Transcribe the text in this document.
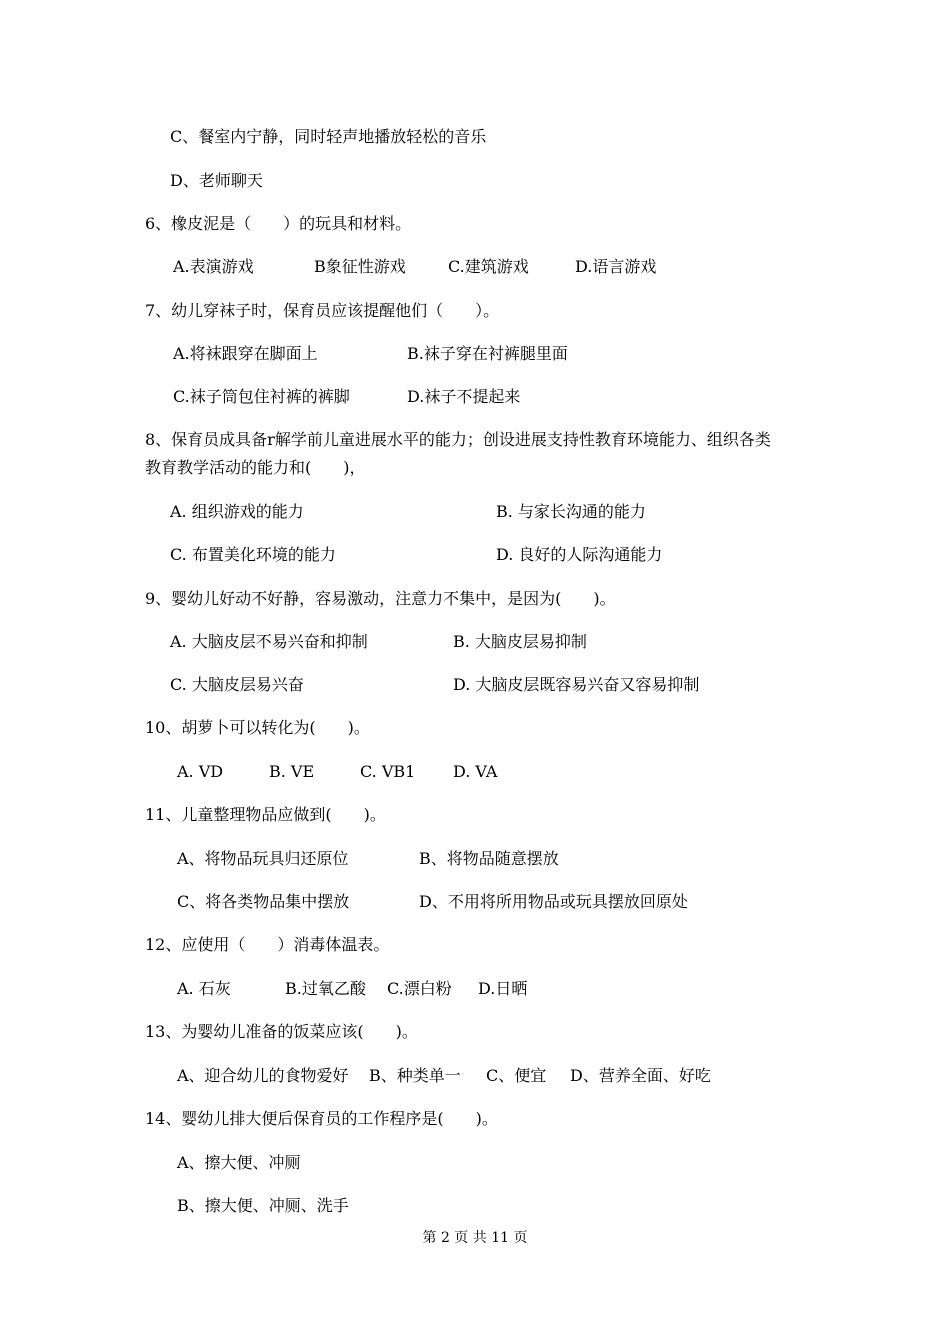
C、餐室内宁静，同时轻声地播放轻松的音乐
D、老师聊天
6、橡皮泥是（　　）的玩具和材料。
A.表演游戏	B象征性游戏	C.建筑游戏	D.语言游戏
7、幼儿穿袜子时，保育员应该提醒他们（　　）。
A.将袜跟穿在脚面上	B.袜子穿在衬裤腿里面
C.袜子筒包住衬裤的裤脚	D.袜子不提起来
8、保育员成具备r解学前儿童进展水平的能力；创设进展支持性教育环境能力、组织各类
教育教学活动的能力和(　　)，
A. 组织游戏的能力	B. 与家长沟通的能力
C. 布置美化环境的能力	D. 良好的人际沟通能力
9、婴幼儿好动不好静，容易激动，注意力不集中，是因为(　　)。
A. 大脑皮层不易兴奋和抑制	B. 大脑皮层易抑制
C. 大脑皮层易兴奋	D. 大脑皮层既容易兴奋又容易抑制
10、胡萝卜可以转化为(　　)。
A. VD	B. VE	C. VB1 D. VA
11、儿童整理物品应做到(　　)。
A、将物品玩具归还原位	B、将物品随意摆放
C、将各类物品集中摆放	D、不用将所用物品或玩具摆放回原处
12、应使用（　　）消毒体温表。
A. 石灰	B.过氧乙酸 C.漂白粉 D.日晒
13、为婴幼儿准备的饭菜应该(　　)。
A、迎合幼儿的食物爱好 B、种类单一 C、便宜 D、营养全面、好吃
14、婴幼儿排大便后保育员的工作程序是(　　)。
A、擦大便、冲厕
B、擦大便、冲厕、洗手
第 2 页 共 11 页
